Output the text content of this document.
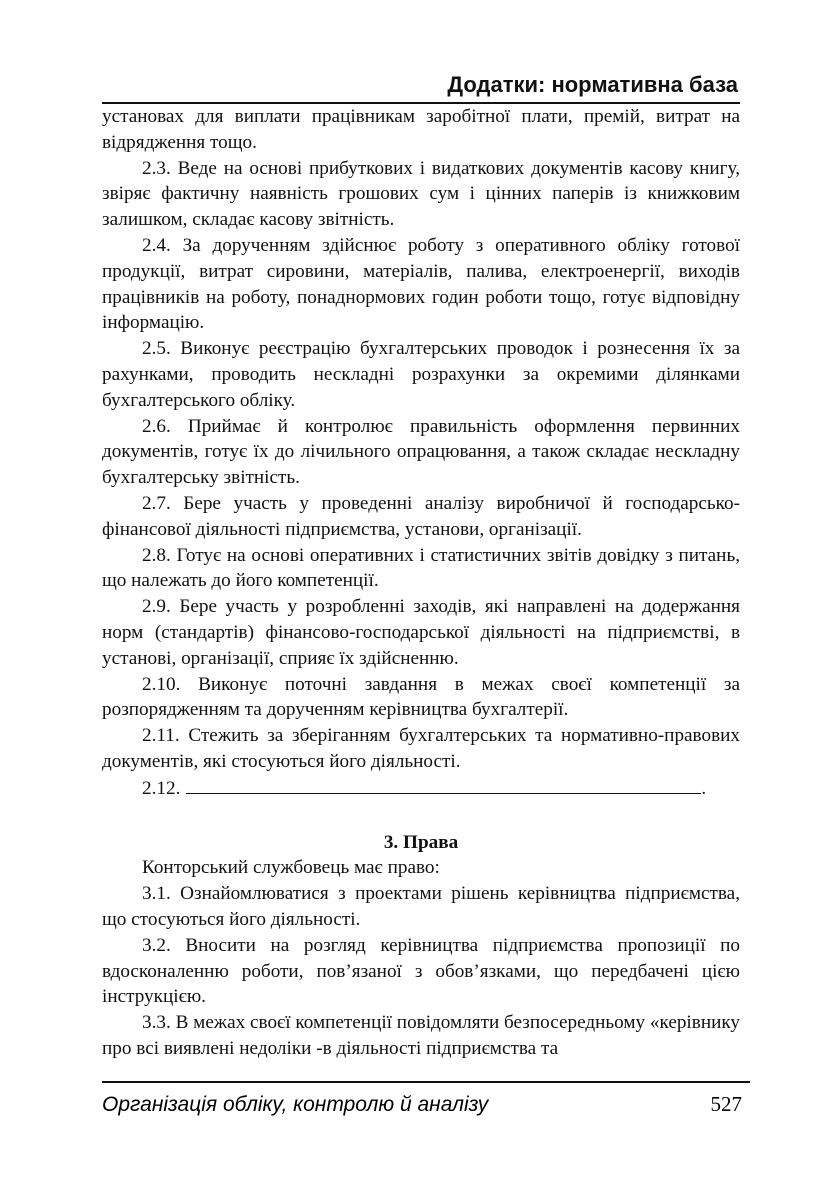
Додатки: нормативна база

установах для виплати працівникам заробітної плати, премій, витрат на відрядження тощо.

2.3. Веде на основі прибуткових і видаткових документів касову книгу, звіряє фактичну наявність грошових сум і цінних паперів із книжковим залишком, складає касову звітність.

2.4. За дорученням здійснює роботу з оперативного обліку готової продукції, витрат сировини, матеріалів, палива, електроенергії, виходів працівників на роботу, понаднормових годин роботи тощо, готує відповідну інформацію.

2.5. Виконує реєстрацію бухгалтерських проводок і рознесення їх за рахунками, проводить нескладні розрахунки за окремими ділянками бухгалтерського обліку.

2.6. Приймає й контролює правильність оформлення первинних документів, готує їх до лічильного опрацювання, а також складає нескладну бухгалтерську звітність.

2.7. Бере участь у проведенні аналізу виробничої й господарсько-фінансової діяльності підприємства, установи, організації.

2.8. Готує на основі оперативних і статистичних звітів довідку з питань, що належать до його компетенції.

2.9. Бере участь у розробленні заходів, які направлені на додержання норм (стандартів) фінансово-господарської діяльності на підприємстві, в установі, організації, сприяє їх здійсненню.

2.10. Виконує поточні завдання в межах своєї компетенції за розпорядженням та дорученням керівництва бухгалтерії.

2.11. Стежить за зберіганням бухгалтерських та нормативно-правових документів, які стосуються його діяльності.

2.12.	.

3. Права

Конторський службовець має право:

3.1. Ознайомлюватися з проектами рішень керівництва підприємства, що стосуються його діяльності.

3.2. Вносити на розгляд керівництва підприємства пропозиції по вдосконаленню роботи, пов’язаної з обов’язками, що передбачені цією інструкцією.

3.3. В межах своєї компетенції повідомляти безпосередньому «керівнику про всі виявлені недоліки -в діяльності підприємства та

Організація обліку, контролю й аналізу	527
